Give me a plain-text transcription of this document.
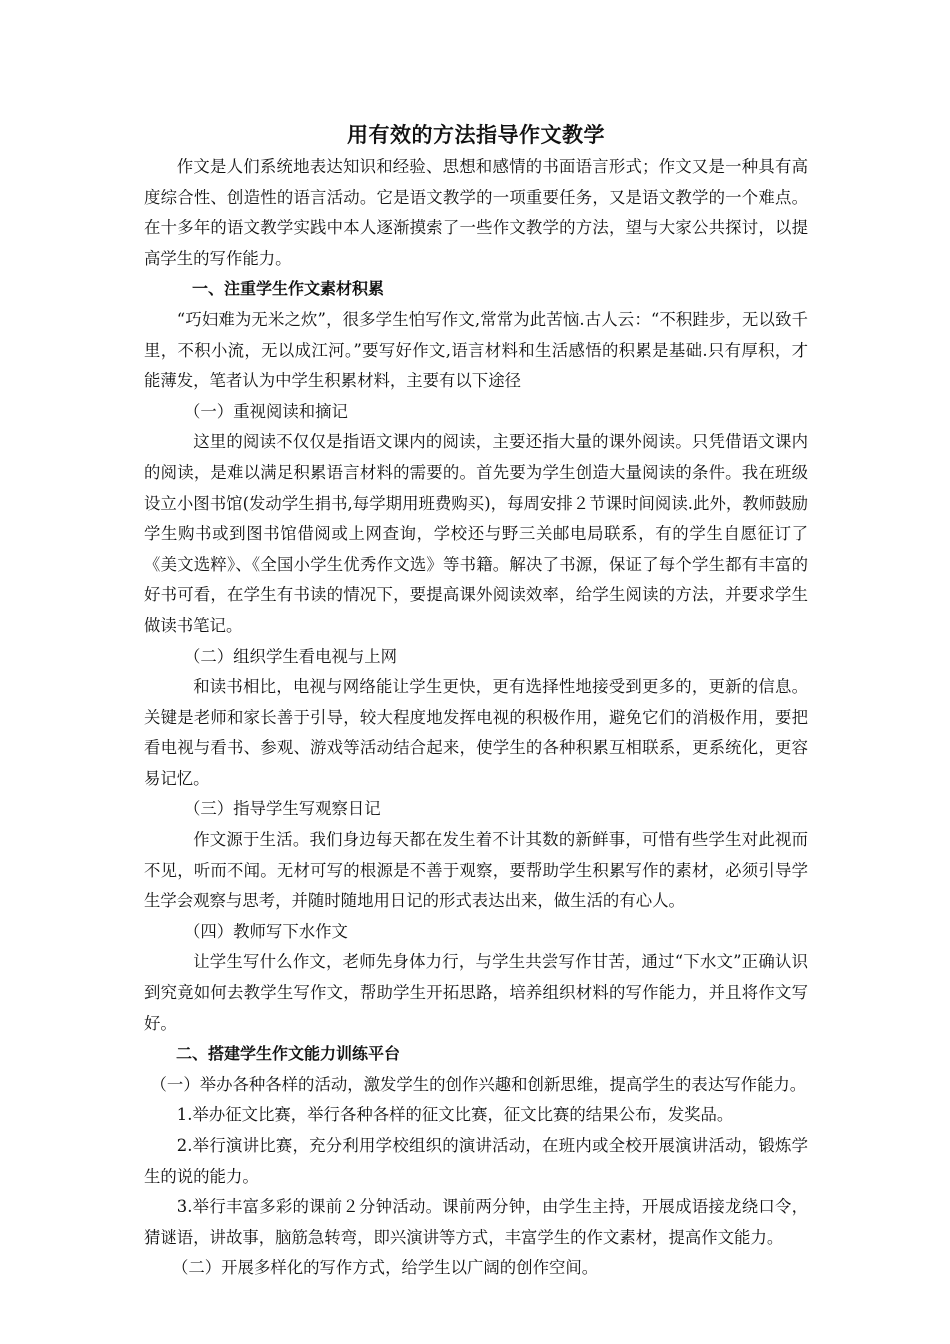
用有效的方法指导作文教学

作文是人们系统地表达知识和经验、思想和感情的书面语言形式；作文又是一种具有高度综合性、创造性的语言活动。它是语文教学的一项重要任务，又是语文教学的一个难点。在十多年的语文教学实践中本人逐渐摸索了一些作文教学的方法，望与大家公共探讨，以提高学生的写作能力。

一、注重学生作文素材积累

“巧妇难为无米之炊”，很多学生怕写作文,常常为此苦恼.古人云：“不积跬步，无以致千里，不积小流，无以成江河。”要写好作文,语言材料和生活感悟的积累是基础.只有厚积，才能薄发，笔者认为中学生积累材料，主要有以下途径

（一）重视阅读和摘记

这里的阅读不仅仅是指语文课内的阅读，主要还指大量的课外阅读。只凭借语文课内的阅读，是难以满足积累语言材料的需要的。首先要为学生创造大量阅读的条件。我在班级设立小图书馆(发动学生捐书,每学期用班费购买)，每周安排２节课时间阅读.此外，教师鼓励学生购书或到图书馆借阅或上网查询，学校还与野三关邮电局联系，有的学生自愿征订了《美文选粹》、《全国小学生优秀作文选》等书籍。解决了书源，保证了每个学生都有丰富的好书可看，在学生有书读的情况下，要提高课外阅读效率，给学生阅读的方法，并要求学生做读书笔记。

（二）组织学生看电视与上网

和读书相比，电视与网络能让学生更快，更有选择性地接受到更多的，更新的信息。关键是老师和家长善于引导，较大程度地发挥电视的积极作用，避免它们的消极作用，要把看电视与看书、参观、游戏等活动结合起来，使学生的各种积累互相联系，更系统化，更容易记忆。

（三）指导学生写观察日记

作文源于生活。我们身边每天都在发生着不计其数的新鲜事，可惜有些学生对此视而不见，听而不闻。无材可写的根源是不善于观察，要帮助学生积累写作的素材，必须引导学生学会观察与思考，并随时随地用日记的形式表达出来，做生活的有心人。

（四）教师写下水作文

让学生写什么作文，老师先身体力行，与学生共尝写作甘苦，通过“下水文”正确认识到究竟如何去教学生写作文，帮助学生开拓思路，培养组织材料的写作能力，并且将作文写好。

二、搭建学生作文能力训练平台

（一）举办各种各样的活动，激发学生的创作兴趣和创新思维，提高学生的表达写作能力。

1.举办征文比赛，举行各种各样的征文比赛，征文比赛的结果公布，发奖品。

2.举行演讲比赛，充分利用学校组织的演讲活动，在班内或全校开展演讲活动，锻炼学生的说的能力。

3.举行丰富多彩的课前２分钟活动。课前两分钟，由学生主持，开展成语接龙绕口令，猜谜语，讲故事，脑筋急转弯，即兴演讲等方式，丰富学生的作文素材，提高作文能力。

（二）开展多样化的写作方式，给学生以广阔的创作空间。
